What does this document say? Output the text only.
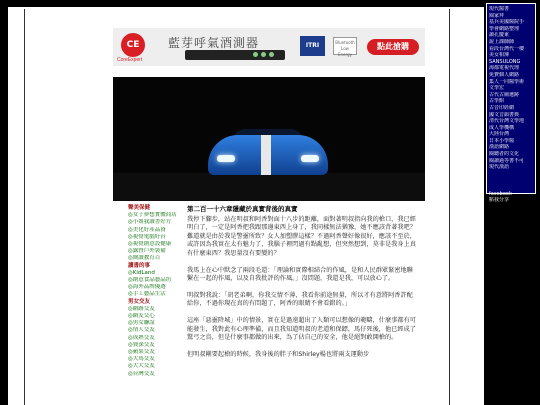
CE
CoreExpert
藍芽呼氣酒測器	ITRI	Bluetooth Low Energy
點此搶購
聲美保健
◎女子夢想實體商店
◎小姐我讀書好方
◎美化好產品資
◎視覺電腦好台
◎視覺創意設健康
◎露營戶外裝備
◎閱讀教育百
讀書的事
◎KidLand
◎創意食品藝品坊
◎海外品牌優選
◎手工藝品生活
男女交友
◎網路交友
◎網友交心
◎男女聯誼
◎情人交友
◎成熟交友
◎資深交友
◎蘋果交友
◎大馬交友
◎大大交友
◎台灣交友
第二百一十六章隱藏於真實背後的真實

我停下腳步，站在明叔和阿香對面十八步的距離，面對著明叔指向我的槍口，我已經明白了，一定是阿香把我跟那邊東西上身了，我同樣無法猶豫，她不應該背著我吧？難道就是由於我是警靈所致？女人加塑膠這樣？不過阿香聲好像很好，應該不至於，或許因為我實在太有魅力了，我腦子裡閃過有點亂想，但突然想到，莫非是我身上真有什麼東西？我思量沒有要變的？

我馬上在心中默念了兩段毛還：「理論和實際相結合的作風，是和人民群眾緊密地聯繫在一起的作風，以及自我批評的作風。」沒問題，我還是我，可以放心了。

明叔對我說：「胡老弟啊，你我交情不薄，我看你前途無量，所以才有意將阿香許配給你，不過你現在真的有問題了，阿香的眼睛不會看錯的。」

這座「惡靈降城」中的情景，實在是過遠超出了人類可以想像的範疇，什麼事都有可能發生，我對此有心理準備，而且我知道明叔的老道和保鏢，馬仔死後，他已經成了驚弓之鳥，但是什麼事都做的出來，為了佔自己的安全，他是絕對敢開槍的。

但明叔剛要起槍的時候，我身後的胖子和Shirley楊也將兩支運動步

現代醫書
閱家拜
基兵美國醫院手
學會網路整理
讀孔慶東
說上課師師
看段台灣代一樓
美女相簿
SANSULONG
海都電視代理
免費個人網路
集人一同醫學術
文學宏
古代古廟遺跡
古學館
古音印經網
國文音韻書典
清代台灣文學地
成人學機構
大陸台灣
日本小學醫
漢語網路
閱聽者的文化
閱讀過等書不可
現代漢語
facebook
點我分享
